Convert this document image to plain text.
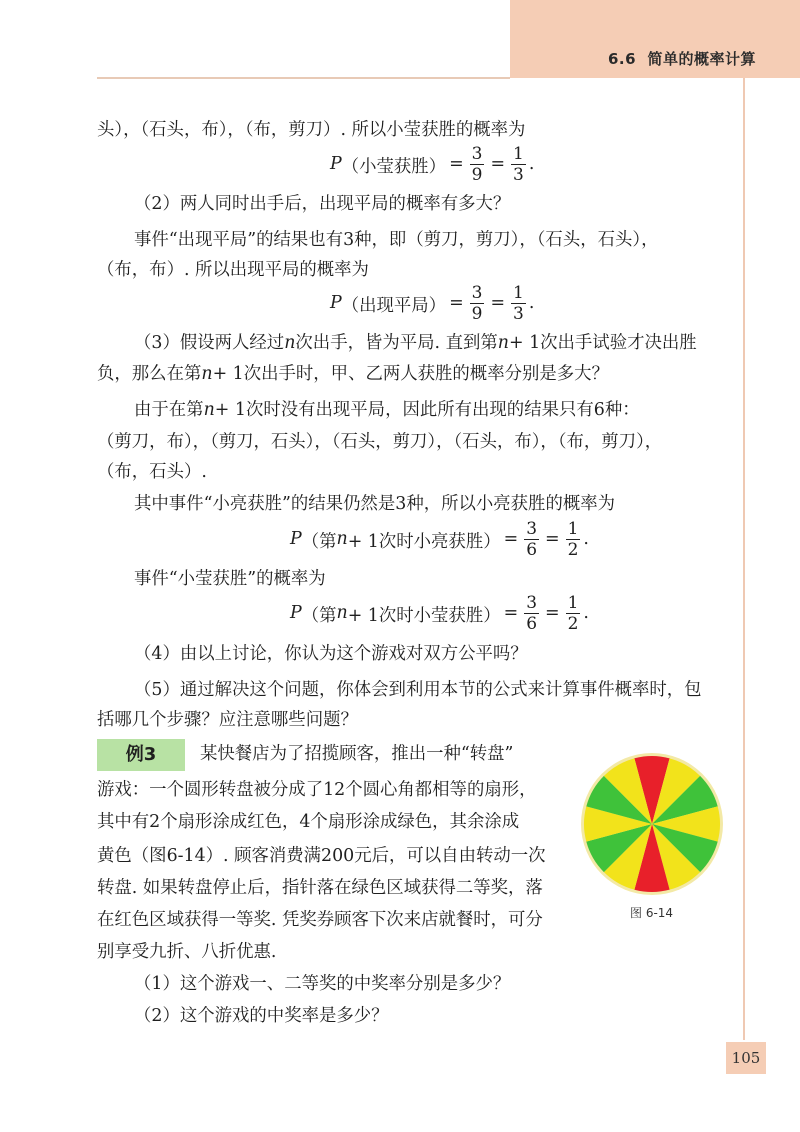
6.6 简单的概率计算
头），（石头，布），（布，剪刀）. 所以小莹获胜的概率为
P （小莹获胜） = $\frac{3}{9} = \frac{1}{3}$ .
（2）两人同时出手后，出现平局的概率有多大？
事件“出现平局”的结果也有3种，即（剪刀，剪刀），（石头，石头），
（布，布）. 所以出现平局的概率为
P （出现平局） = $\frac{3}{9} = \frac{1}{3}$ .
（3）假设两人经过n次出手，皆为平局. 直到第n+ 1次出手试验才决出胜
负，那么在第n+ 1次出手时，甲、乙两人获胜的概率分别是多大？
由于在第n+ 1次时没有出现平局，因此所有出现的结果只有6种：
（剪刀，布），（剪刀，石头），（石头，剪刀），（石头，布），（布，剪刀），
（布，石头）.
其中事件“小亮获胜”的结果仍然是3种，所以小亮获胜的概率为
P （第 n + 1次时小亮获胜） = $\frac{3}{6} = \frac{1}{2}$ .
事件“小莹获胜”的概率为
P （第 n + 1次时小莹获胜） = $\frac{3}{6} = \frac{1}{2}$ .
（4）由以上讨论，你认为这个游戏对双方公平吗？
（5）通过解决这个问题，你体会到利用本节的公式来计算事件概率时，包
括哪几个步骤？应注意哪些问题？
例3	某快餐店为了招揽顾客，推出一种“转盘”
游戏：一个圆形转盘被分成了12个圆心角都相等的扇形，
其中有2个扇形涂成红色，4个扇形涂成绿色，其余涂成
黄色（图6-14）. 顾客消费满200元后，可以自由转动一次
转盘. 如果转盘停止后，指针落在绿色区域获得二等奖，落
在红色区域获得一等奖. 凭奖券顾客下次来店就餐时，可分
别享受九折、八折优惠.
（1）这个游戏一、二等奖的中奖率分别是多少？
（2）这个游戏的中奖率是多少？
图 6-14
105
